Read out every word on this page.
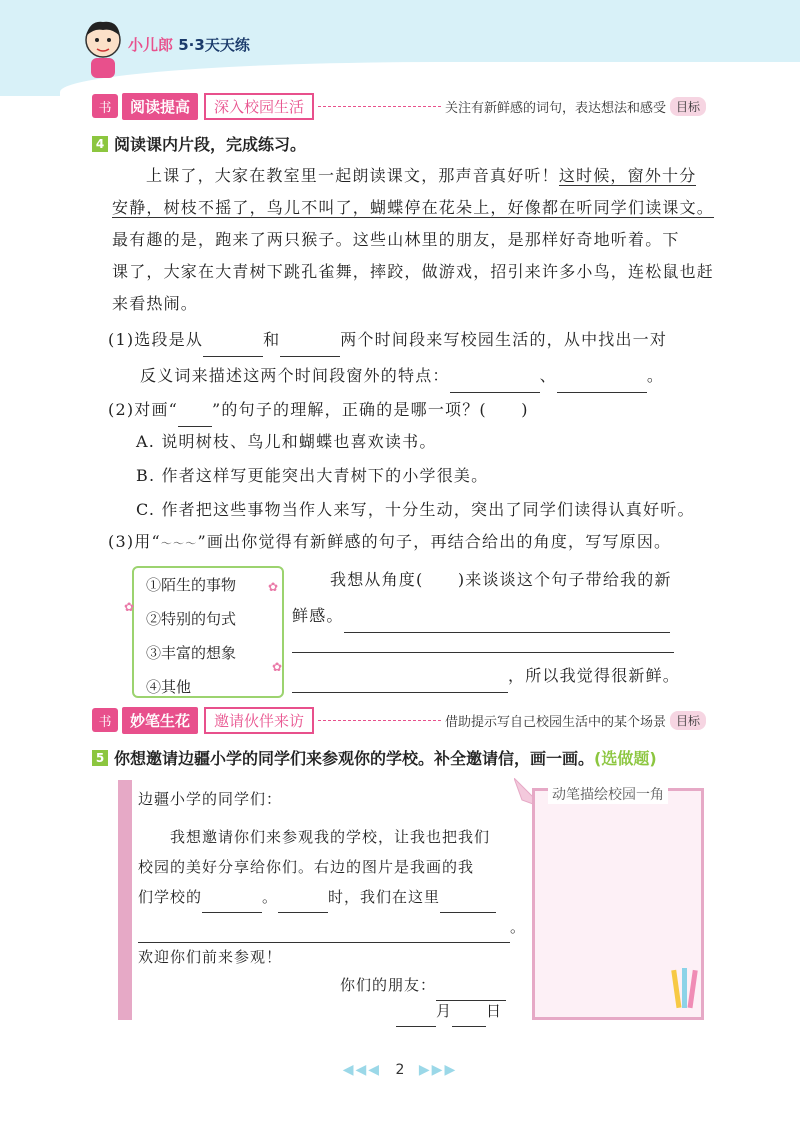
小儿郎 5·3天天练
书	阅读提高	深入校园生活	关注有新鲜感的词句，表达想法和感受 目标
4 阅读课内片段，完成练习。
上课了，大家在教室里一起朗读课文，那声音真好听！这时候，窗外十分
安静，树枝不摇了，鸟儿不叫了，蝴蝶停在花朵上，好像都在听同学们读课文。
最有趣的是，跑来了两只猴子。这些山林里的朋友，是那样好奇地听着。下
课了，大家在大青树下跳孔雀舞，摔跤，做游戏，招引来许多小鸟，连松鼠也赶
来看热闹。
(1)选段是从	和	两个时间段来写校园生活的，从中找出一对
反义词来描述这两个时间段窗外的特点：	、	。
(2)对画“ ”的句子的理解，正确的是哪一项？(　　)
A. 说明树枝、鸟儿和蝴蝶也喜欢读书。
B. 作者这样写更能突出大青树下的小学很美。
C. 作者把这些事物当作人来写，十分生动，突出了同学们读得认真好听。
(3)用“～～～”画出你觉得有新鲜感的句子，再结合给出的角度，写写原因。
①陌生的事物
②特别的句式
③丰富的想象
④其他
✿
✿
✿	我想从角度(　　)来谈谈这个句子带给我的新
鲜感。
，所以我觉得很新鲜。
书	妙笔生花	邀请伙伴来访	借助提示写自己校园生活中的某个场景 目标
5 你想邀请边疆小学的同学们来参观你的学校。补全邀请信，画一画。 (选做题)
边疆小学的同学们：
我想邀请你们来参观我的学校，让我也把我们
校园的美好分享给你们。右边的图片是我画的我
们学校的	。	时，我们在这里
。
欢迎你们前来参观！
你们的朋友：
月 日
动笔描绘校园一角
◀◀◀ 2 ▶▶▶
